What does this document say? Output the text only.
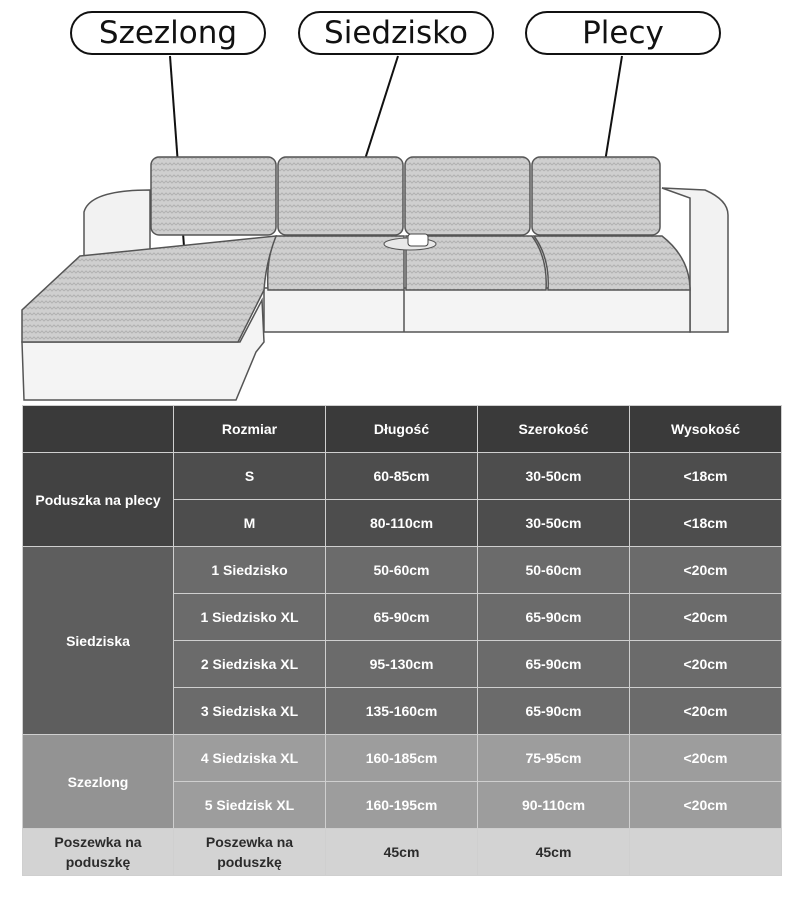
Szezlong	Siedzisko	Plecy
	Rozmiar	Długość	Szerokość	Wysokość
Poduszka na plecy	S	60-85cm	30-50cm	<18cm
	M	80-110cm	30-50cm	<18cm
Siedziska	1 Siedzisko	50-60cm	50-60cm	<20cm
	1 Siedzisko XL	65-90cm	65-90cm	<20cm
	2 Siedziska XL	95-130cm	65-90cm	<20cm
	3 Siedziska XL	135-160cm	65-90cm	<20cm
Szezlong	4 Siedziska XL	160-185cm	75-95cm	<20cm
	5 Siedzisk XL	160-195cm	90-110cm	<20cm
Poszewka na poduszkę	Poszewka na poduszkę	45cm	45cm	
